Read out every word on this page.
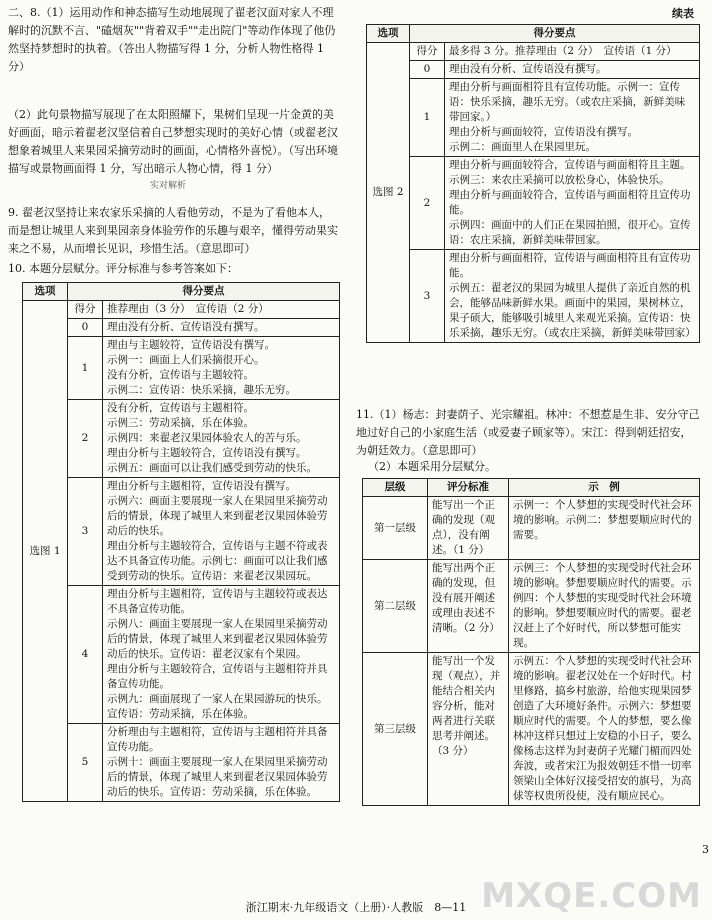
二、8.（1）运用动作和神态描写生动地展现了翟老汉面对家人不理解时的沉默不言、"磕烟灰""背着双手""走出院门"等动作体现了他仍然坚持梦想时的执着。（答出人物描写得 1 分，分析人物性格得 1 分）
（2）此句景物描写展现了在太阳照耀下，果树们呈现一片金黄的美好画面，暗示着翟老汉坚信着自己梦想实现时的美好心情（或翟老汉想象着城里人来果园采摘劳动时的画面，心情格外喜悦）。（写出环境描写或景物画面得 1 分，写出暗示人物心情，得 1 分）
实对解析
9. 翟老汉坚持让来农家乐采摘的人看他劳动，不是为了看他本人，而是想让城里人来到果园亲身体验劳作的乐趣与艰辛，懂得劳动果实来之不易，从而增长见识，珍惜生活。（意思即可）
10. 本题分层赋分。评分标准与参考答案如下：
选项	得分要点	
选图 1	得分	推荐理由（3 分）　宣传语（2 分）
	0	理由没有分析、宣传语没有撰写。

	1	理由与主题较符，宣传语没有撰写。
示例一：画面上人们采摘很开心。
没有分析，宣传语与主题较符。
示例二：宣传语：快乐采摘，趣乐无穷。

	2	没有分析，宣传语与主题相符。
示例三：劳动采摘，乐在体验。
示例四：来翟老汉果园体验农人的苦与乐。
理由分析与主题较符合，宣传语没有撰写。
示例五：画面可以让我们感受到劳动的快乐。

	3	理由分析与主题相符，宣传语没有撰写。
示例六：画面主要展现一家人在果园里采摘劳动后的情景，体现了城里人来到翟老汉果园体验劳动后的快乐。
理由分析与主题较符合，宣传语与主题不符或表达不具备宣传功能。示例七：画面可以让我们感受到劳动的快乐。宣传语：来翟老汉果园玩。

	4	理由分析与主题相符，宣传语与主题较符或表达不具备宣传功能。
示例八：画面主要展现一家人在果园里采摘劳动后的情景，体现了城里人来到翟老汉果园体验劳动后的快乐。宣传语：翟老汉家有个果园。
理由分析与主题较符合，宣传语与主题相符并具备宣传功能。
示例九：画面展现了一家人在果园游玩的快乐。
宣传语：劳动采摘，乐在体验。

	5	分析理由与主题相符，宣传语与主题相符并具备宣传功能。
示例十：画面主要展现一家人在果园里采摘劳动后的情景，体现了城里人来到翟老汉果园体验劳动后的快乐。宣传语：劳动采摘，乐在体验。
续表
选项	得分要点	
选图 2	得分	最多得 3 分。推荐理由（2 分）　宣传语（1 分）
	0	理由没有分析、宣传语没有撰写。

	1	理由分析与画面相符且有宣传功能。示例一：宣传语：快乐采摘，趣乐无穷。（或农庄采摘，新鲜美味带回家。）
理由分析与画面较符，宣传语没有撰写。
示例二：画面里人在果园里玩。

	2	理由分析与画面较符合，宣传语与画面相符且主题。
示例三：来农庄采摘可以放松身心，体验快乐。
理由分析与画面较符合，宣传语与画面相符且宣传功能。
示例四：画面中的人们正在果园拍照，很开心。宣传语：农庄采摘，新鲜美味带回家。

	3	理由分析与画面相符，宣传语与画面相符且有宣传功能。
示例五：翟老汉的果园为城里人提供了亲近自然的机会，能够品味新鲜水果。画面中的果园，果树林立，果子硕大，能够吸引城里人来观光采摘。宣传语：快乐采摘，趣乐无穷。（或农庄采摘，新鲜美味带回家）
11.（1）杨志：封妻荫子、光宗耀祖。林冲：不想惹是生非、安分守己地过好自己的小家庭生活（或爱妻子顾家等）。宋江：得到朝廷招安，为朝廷效力。（意思即可）
（2）本题采用分层赋分。
层级	评分标准	示　例
第一层级	能写出一个正确的发现（观点），没有阐述。（1 分）	示例一：个人梦想的实现受时代社会环境的影响。示例二：梦想要顺应时代的需要。
第二层级	能写出两个正确的发现，但没有展开阐述或理由表述不清晰。（2 分）	示例三：个人梦想的实现受时代社会环境的影响。梦想要顺应时代的需要。示例四：个人梦想的实现受时代社会环境的影响。梦想要顺应时代的需要。翟老汉赶上了个好时代，所以梦想可能实现。
第三层级	能写出一个发现（观点），并能结合相关内容分析，能对两者进行关联思考并阐述。（3 分）	示例五：个人梦想的实现受时代社会环境的影响。翟老汉处在一个好时代。村里修路，搞乡村旅游，给他实现果园梦创造了大环境好条件。示例六：梦想要顺应时代的需要。个人的梦想，要么像林冲这样只想过上安稳的小日子，要么像杨志这样为封妻荫子光耀门楣而四处奔波，或者宋江为报效朝廷不惜一切率领梁山全体好汉接受招安的旗号，为高俅等权贵所役使，没有顺应民心。
3
MXQE.COM
浙江期末·九年级语文（上册）·人教版　8—11
